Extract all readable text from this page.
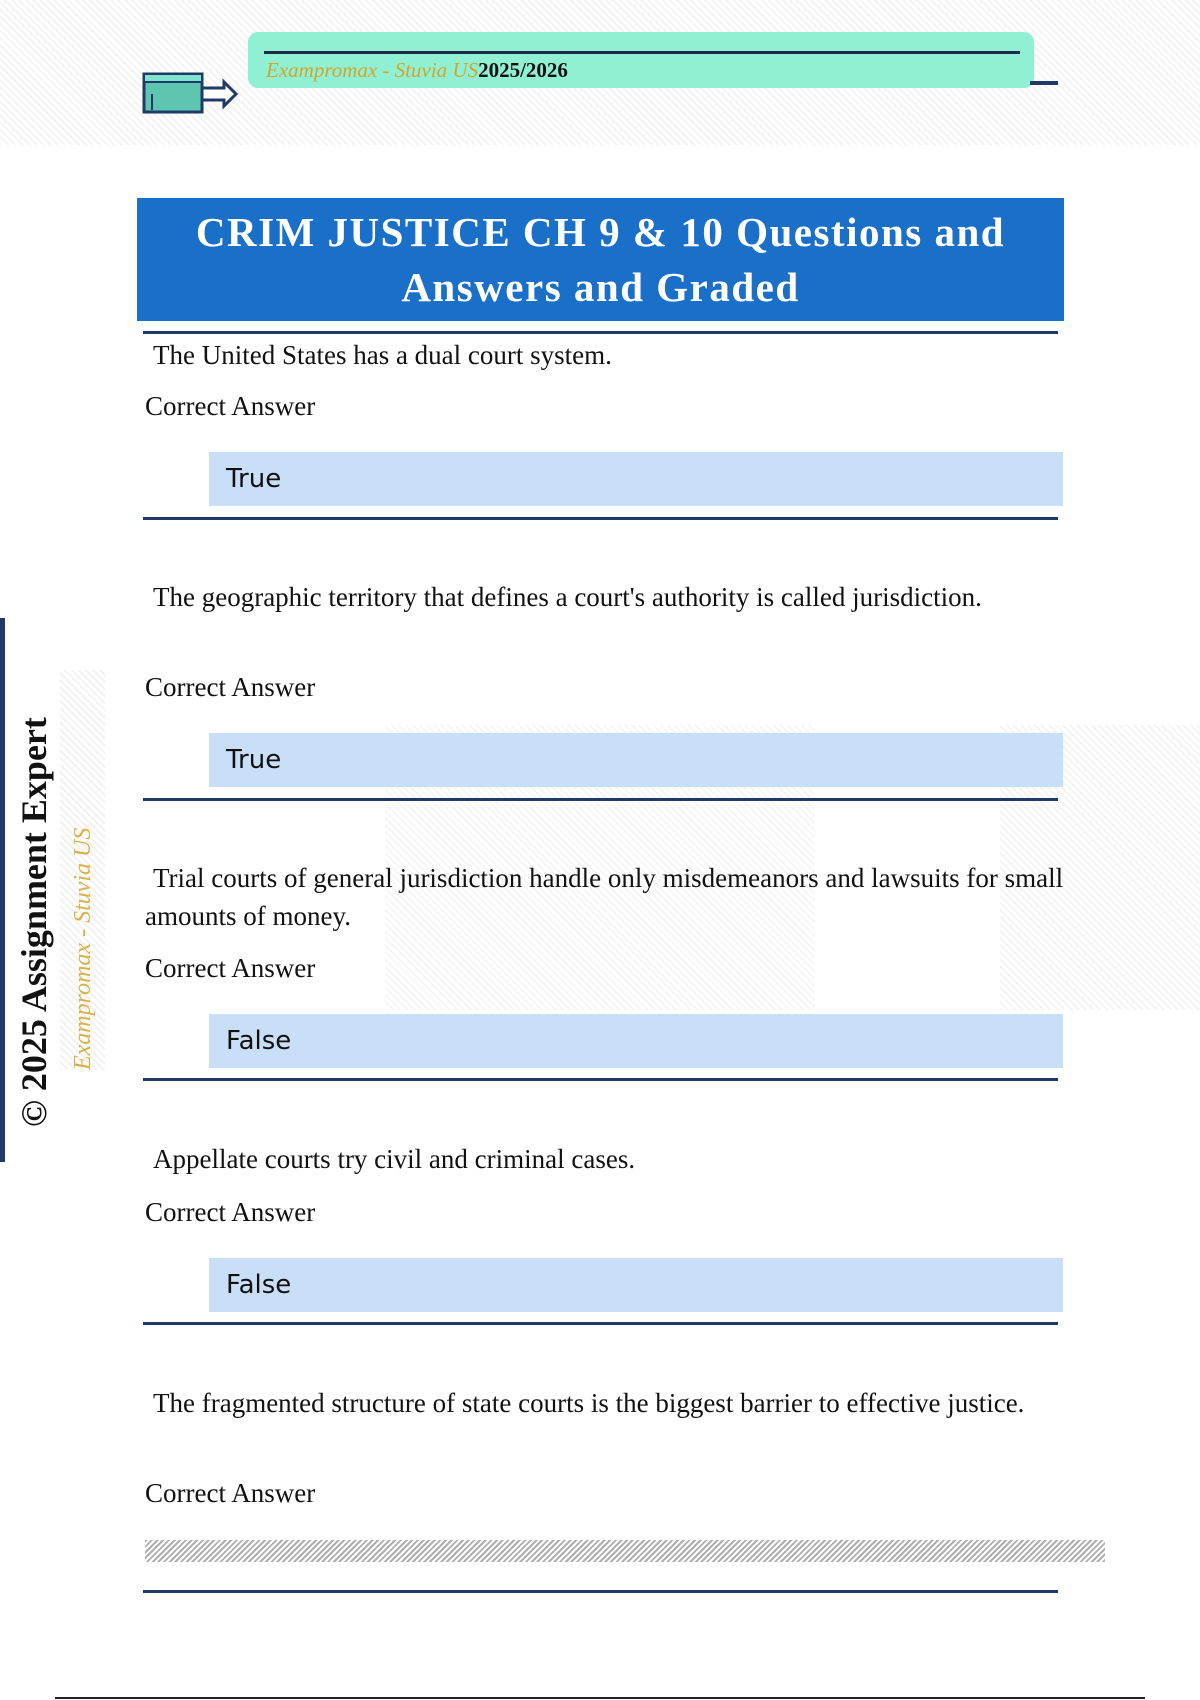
Exampromax - Stuvia US2025/2026
CRIM JUSTICE CH 9 & 10 Questions and Answers and Graded
The United States has a dual court system.
Correct Answer
True
The geographic territory that defines a court's authority is called jurisdiction.
Correct Answer
True
Trial courts of general jurisdiction handle only misdemeanors and lawsuits for small amounts of money.
Correct Answer
False
Appellate courts try civil and criminal cases.
Correct Answer
False
The fragmented structure of state courts is the biggest barrier to effective justice.
Correct Answer
© 2025 Assignment Expert Exampromax - Stuvia US
